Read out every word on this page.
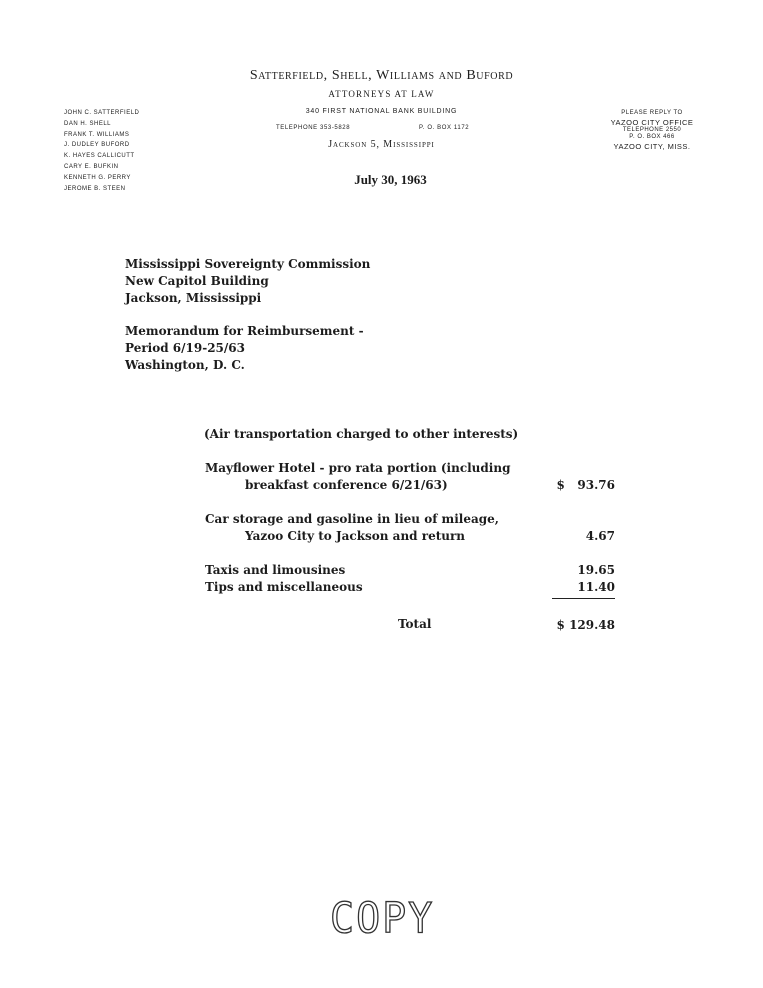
Satterfield, Shell, Williams and Buford
ATTORNEYS AT LAW
340 FIRST NATIONAL BANK BUILDING
TELEPHONE 353-5828	P. O. BOX 1172
Jackson 5, Mississippi
JOHN C. SATTERFIELD
DAN H. SHELL
FRANK T. WILLIAMS
J. DUDLEY BUFORD
K. HAYES CALLICUTT
CARY E. BUFKIN
KENNETH G. PERRY
JEROME B. STEEN
PLEASE REPLY TO
YAZOO CITY OFFICE
TELEPHONE 2550
P. O. BOX 466
YAZOO CITY, MISS.
July 30, 1963
Mississippi Sovereignty Commission
New Capitol Building
Jackson, Mississippi
Memorandum for Reimbursement -
Period 6/19-25/63
Washington, D. C.
(Air transportation charged to other interests)
Mayflower Hotel - pro rata portion (including
breakfast conference 6/21/63)	$   93.76
Car storage and gasoline in lieu of mileage,
Yazoo City to Jackson and return	4.67
Taxis and limousines	19.65
Tips and miscellaneous	11.40
Total	$ 129.48
COPY
